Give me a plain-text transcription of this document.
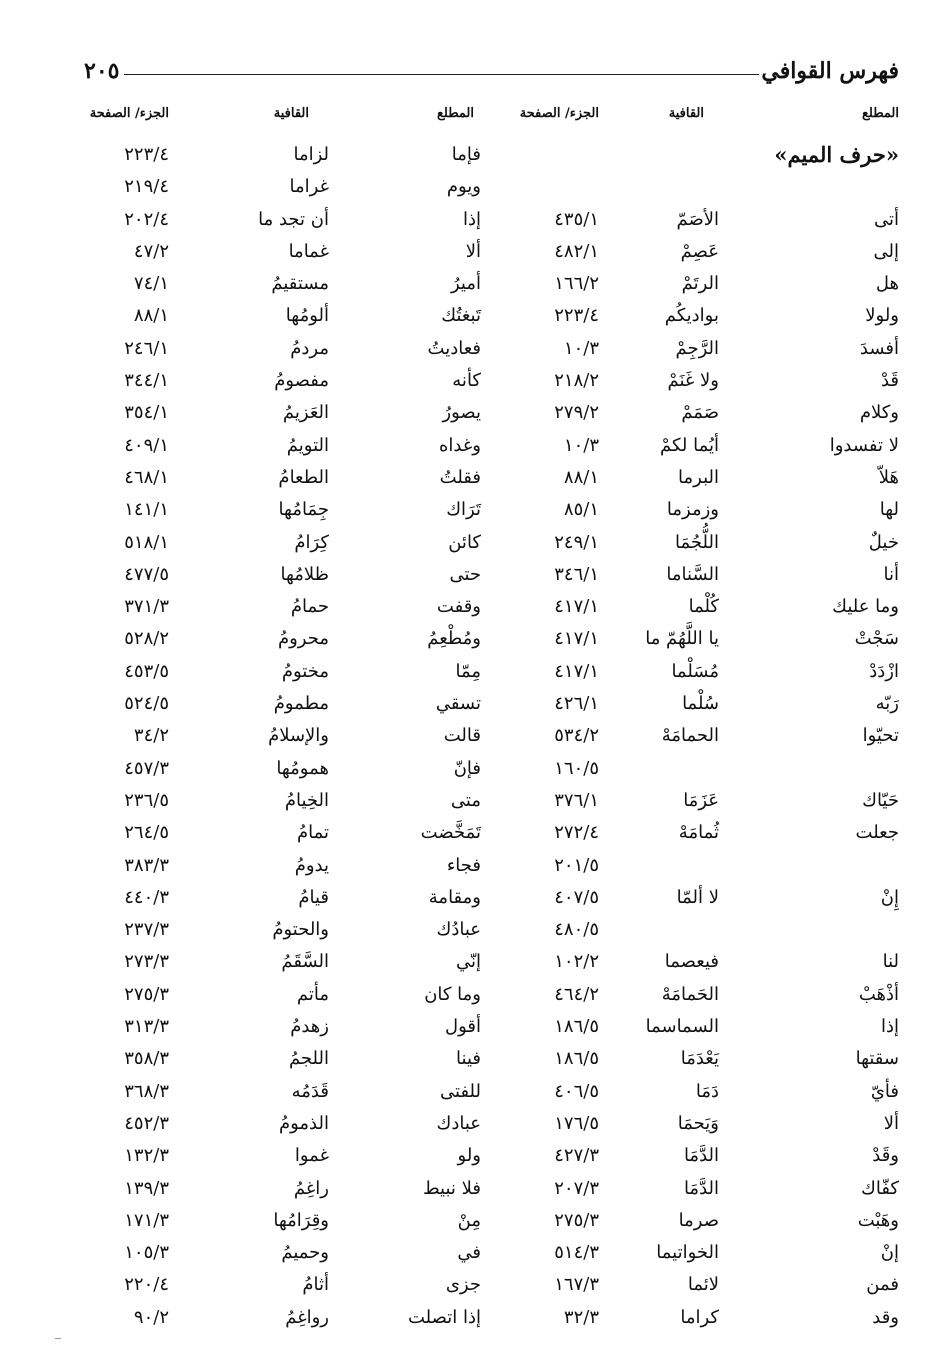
فهرس القوافي
٢٠٥
المطلع
القافية
الجزء/ الصفحة
المطلع
القافية
الجزء/ الصفحة
«حرف الميم»
فإما
لزاما
٢٢٣/٤
ويوم
غراما
٢١٩/٤
أتى
الأصَمّ
٤٣٥/١
إذا
أن تجد ما
٢٠٢/٤
إلى
عَصِمْ
٤٨٢/١
ألا
غماما
٤٧/٢
هل
الرتَمْ
١٦٦/٢
أميرُ
مستقيمُ
٧٤/١
ولولا
بواديكُم
٢٢٣/٤
تَبغتُك
ألومُها
٨٨/١
أفسدَ
الرَّجِمْ
١٠/٣
فعاديتُ
مردمُ
٢٤٦/١
قَدْ
ولا غَنَمْ
٢١٨/٢
كأنه
مفصومُ
٣٤٤/١
وكلام
صَمَمْ
٢٧٩/٢
يصورُ
العَزيمُ
٣٥٤/١
لا تفسدوا
أيُما لكمْ
١٠/٣
وغداه
التويمُ
٤٠٩/١
هَلاّ
البرما
٨٨/١
فقلتُ
الطعامُ
٤٦٨/١
لها
وزمزما
٨٥/١
تَرَاك
جِمَامُها
١٤١/١
خيلٌ
اللُّجُمَا
٢٤٩/١
كائن
كِرَامُ
٥١٨/١
أنا
السَّناما
٣٤٦/١
حتى
ظلامُها
٤٧٧/٥
وما عليك
كُلْما
٤١٧/١
وقفت
حمامُ
٣٧١/٣
سَجْتْ
يا اللَّهُمّ ما
٤١٧/١
ومُطْعِمُ
محرومُ
٥٢٨/٢
ازْدَدْ
مُسَلْما
٤١٧/١
مِمّا
مختومُ
٤٥٣/٥
رَبّه
سُلْما
٤٢٦/١
تسقي
مطمومُ
٥٢٤/٥
تحيّوا
الحمامَهْ
٥٣٤/٢
قالت
والإسلامُ
٣٤/٢
١٦٠/٥
فإنّ
همومُها
٤٥٧/٣
حَيّاك
عَزَمَا
٣٧٦/١
متى
الخِيامُ
٢٣٦/٥
جعلت
ثُمامَهْ
٢٧٢/٤
تَمَخَّضت
تمامُ
٢٦٤/٥
٢٠١/٥
فجاء
يدومُ
٣٨٣/٣
إِنْ
لا ألمّا
٤٠٧/٥
ومقامة
قيامُ
٤٤٠/٣
٤٨٠/٥
عبادُك
والحتومُ
٢٣٧/٣
لنا
فيعصما
١٠٢/٢
إنّي
السَّقَمُ
٢٧٣/٣
أذْهَبْ
الحَمامَهْ
٤٦٤/٢
وما كان
مأتم
٢٧٥/٣
إذا
السماسما
١٨٦/٥
أقول
زهدمُ
٣١٣/٣
سقتها
يَعْدَمَا
١٨٦/٥
فينا
اللجمُ
٣٥٨/٣
فأيّ
دَمَا
٤٠٦/٥
للفتى
قَدَمُه
٣٦٨/٣
ألا
وَيَحمَا
١٧٦/٥
عبادك
الذمومُ
٤٥٢/٣
وقَدْ
الدَّمَا
٤٢٧/٣
ولو
غموا
١٣٢/٣
كفّاك
الدَّمَا
٢٠٧/٣
فلا نبيط
راغِمُ
١٣٩/٣
وهَبْت
صرما
٢٧٥/٣
مِنْ
وقِرَامُها
١٧١/٣
إنْ
الخواتيما
٥١٤/٣
في
وحميمُ
١٠٥/٣
فمن
لائما
١٦٧/٣
جزى
أثامُ
٢٢٠/٤
وقد
كراما
٣٢/٣
إذا اتصلت
رواغِمُ
٩٠/٢
